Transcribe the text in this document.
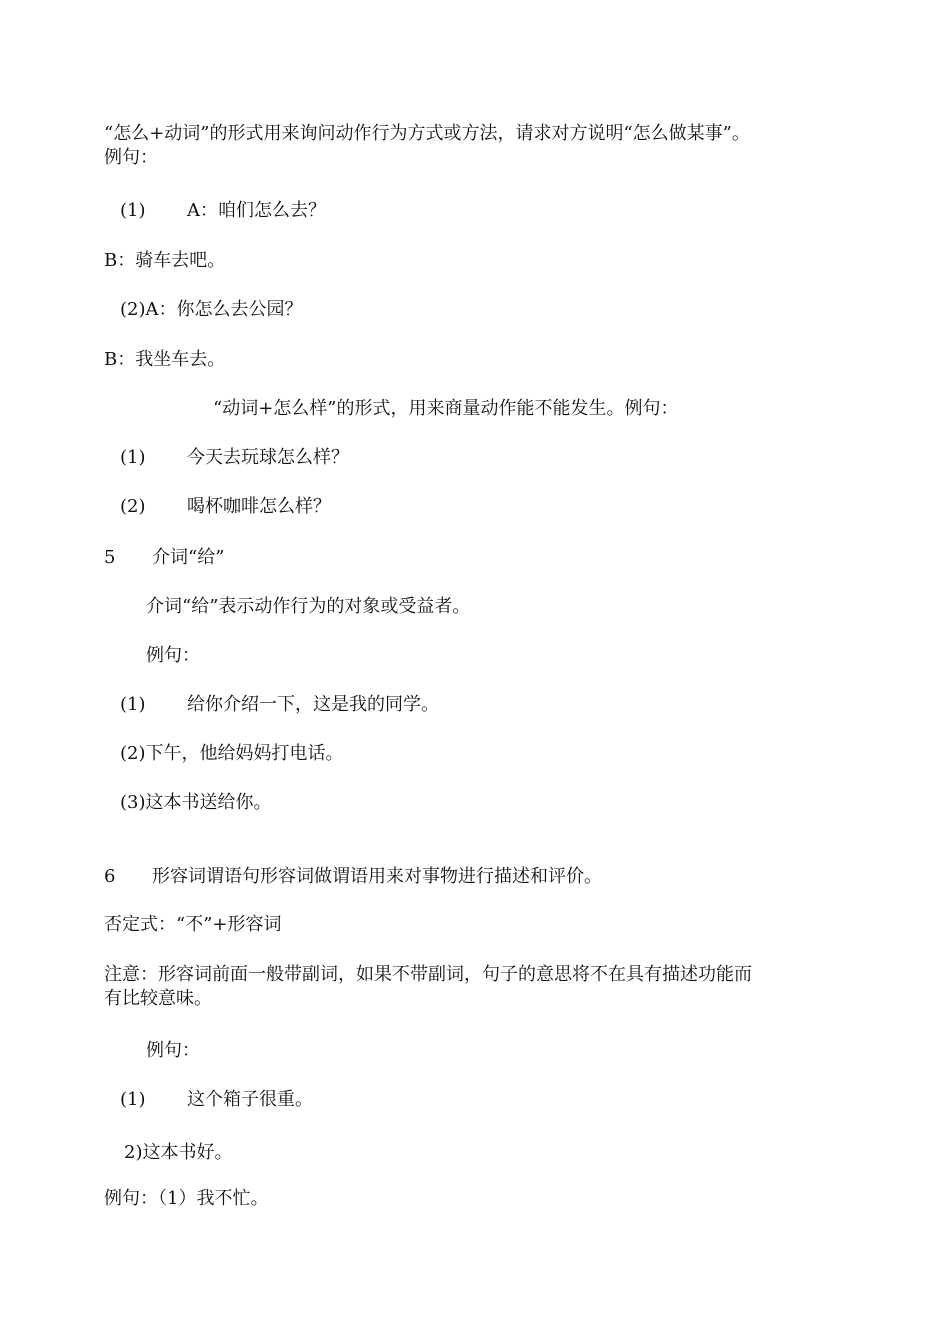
“怎么+动词”的形式用来询问动作行为方式或方法，请求对方说明“怎么做某事”。
例句：
(1) A：咱们怎么去？
B：骑车去吧。
(2)A：你怎么去公园？
B：我坐车去。
“动词+怎么样”的形式，用来商量动作能不能发生。例句：
(1) 今天去玩球怎么样？
(2) 喝杯咖啡怎么样？
5 介词“给”
介词“给”表示动作行为的对象或受益者。
例句：
(1) 给你介绍一下，这是我的同学。
(2)下午，他给妈妈打电话。
(3)这本书送给你。
6 形容词谓语句形容词做谓语用来对事物进行描述和评价。
否定式：“不”+形容词
注意：形容词前面一般带副词，如果不带副词，句子的意思将不在具有描述功能而
有比较意味。
例句：
(1) 这个箱子很重。
2)这本书好。
例句：（1）我不忙。
